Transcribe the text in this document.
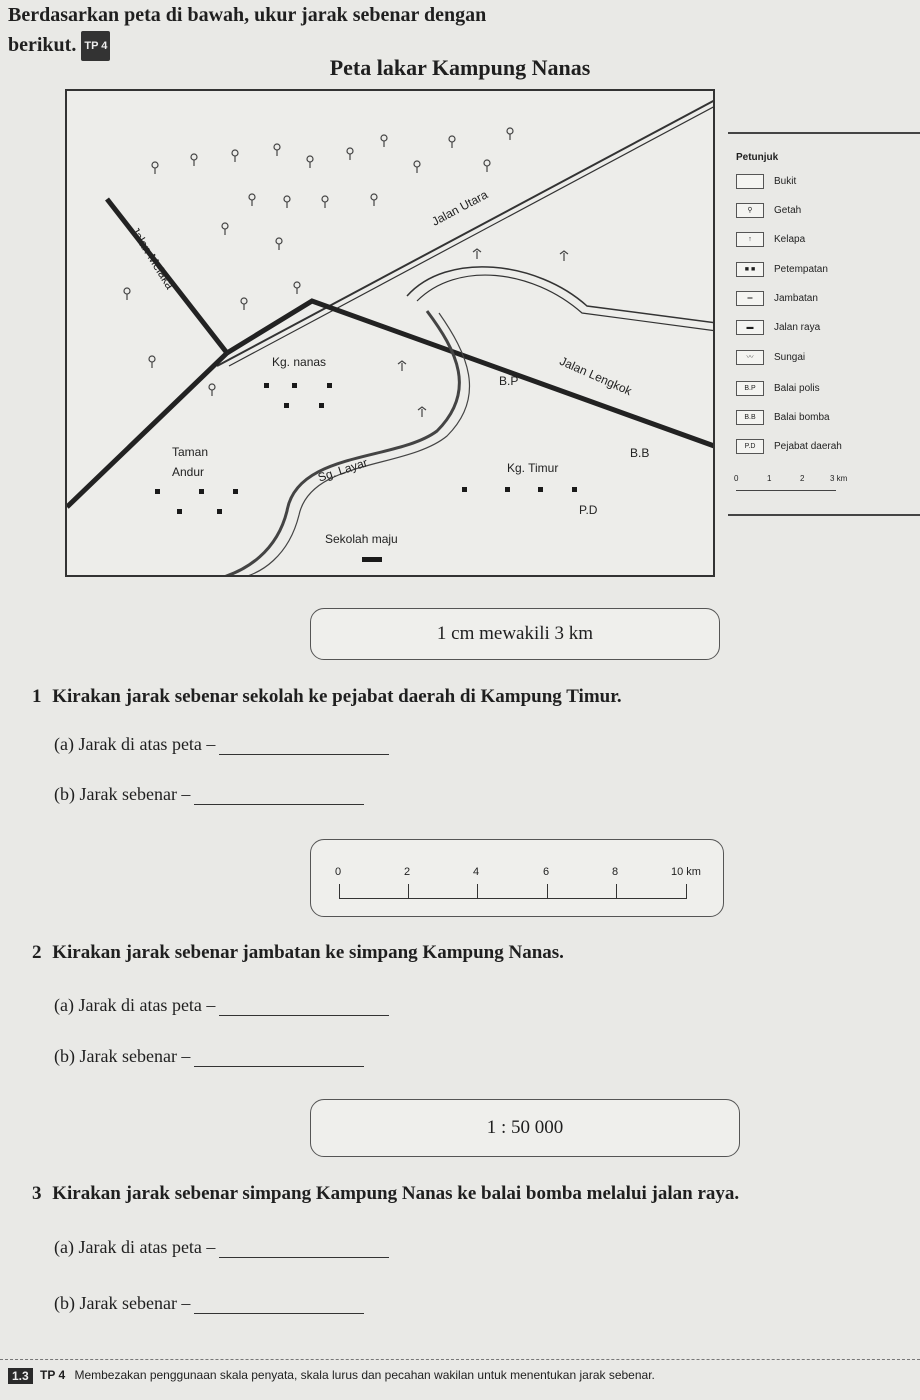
Berdasarkan peta di bawah, ukur jarak sebenar dengan
berikut. TP 4
Peta lakar Kampung Nanas
Jalan Utara
Jalan Melaka
Kg. nanas
B.P	Jalan Lengkok
Taman
Andur	Sg. Layar	Kg. Timur
B.B
P.D
Sekolah maju
Petunjuk
Bukit
⚲	Getah
↑	Kelapa
■ ■	Petempatan
═	Jambatan
▬	Jalan raya
〰	Sungai
B.P	Balai polis
B.B	Balai bomba
P.D	Pejabat daerah
0	1	2	3 km
1 cm mewakili 3 km
1 Kirakan jarak sebenar sekolah ke pejabat daerah di Kampung Timur.
(a) Jarak di atas peta –
(b) Jarak sebenar –
0	2	4	6	8	10 km
2 Kirakan jarak sebenar jambatan ke simpang Kampung Nanas.
(a) Jarak di atas peta –
(b) Jarak sebenar –
1 : 50 000
3 Kirakan jarak sebenar simpang Kampung Nanas ke balai bomba melalui jalan raya.
(a) Jarak di atas peta –
(b) Jarak sebenar –
1.3 TP 4 Membezakan penggunaan skala penyata, skala lurus dan pecahan wakilan untuk menentukan jarak sebenar.
